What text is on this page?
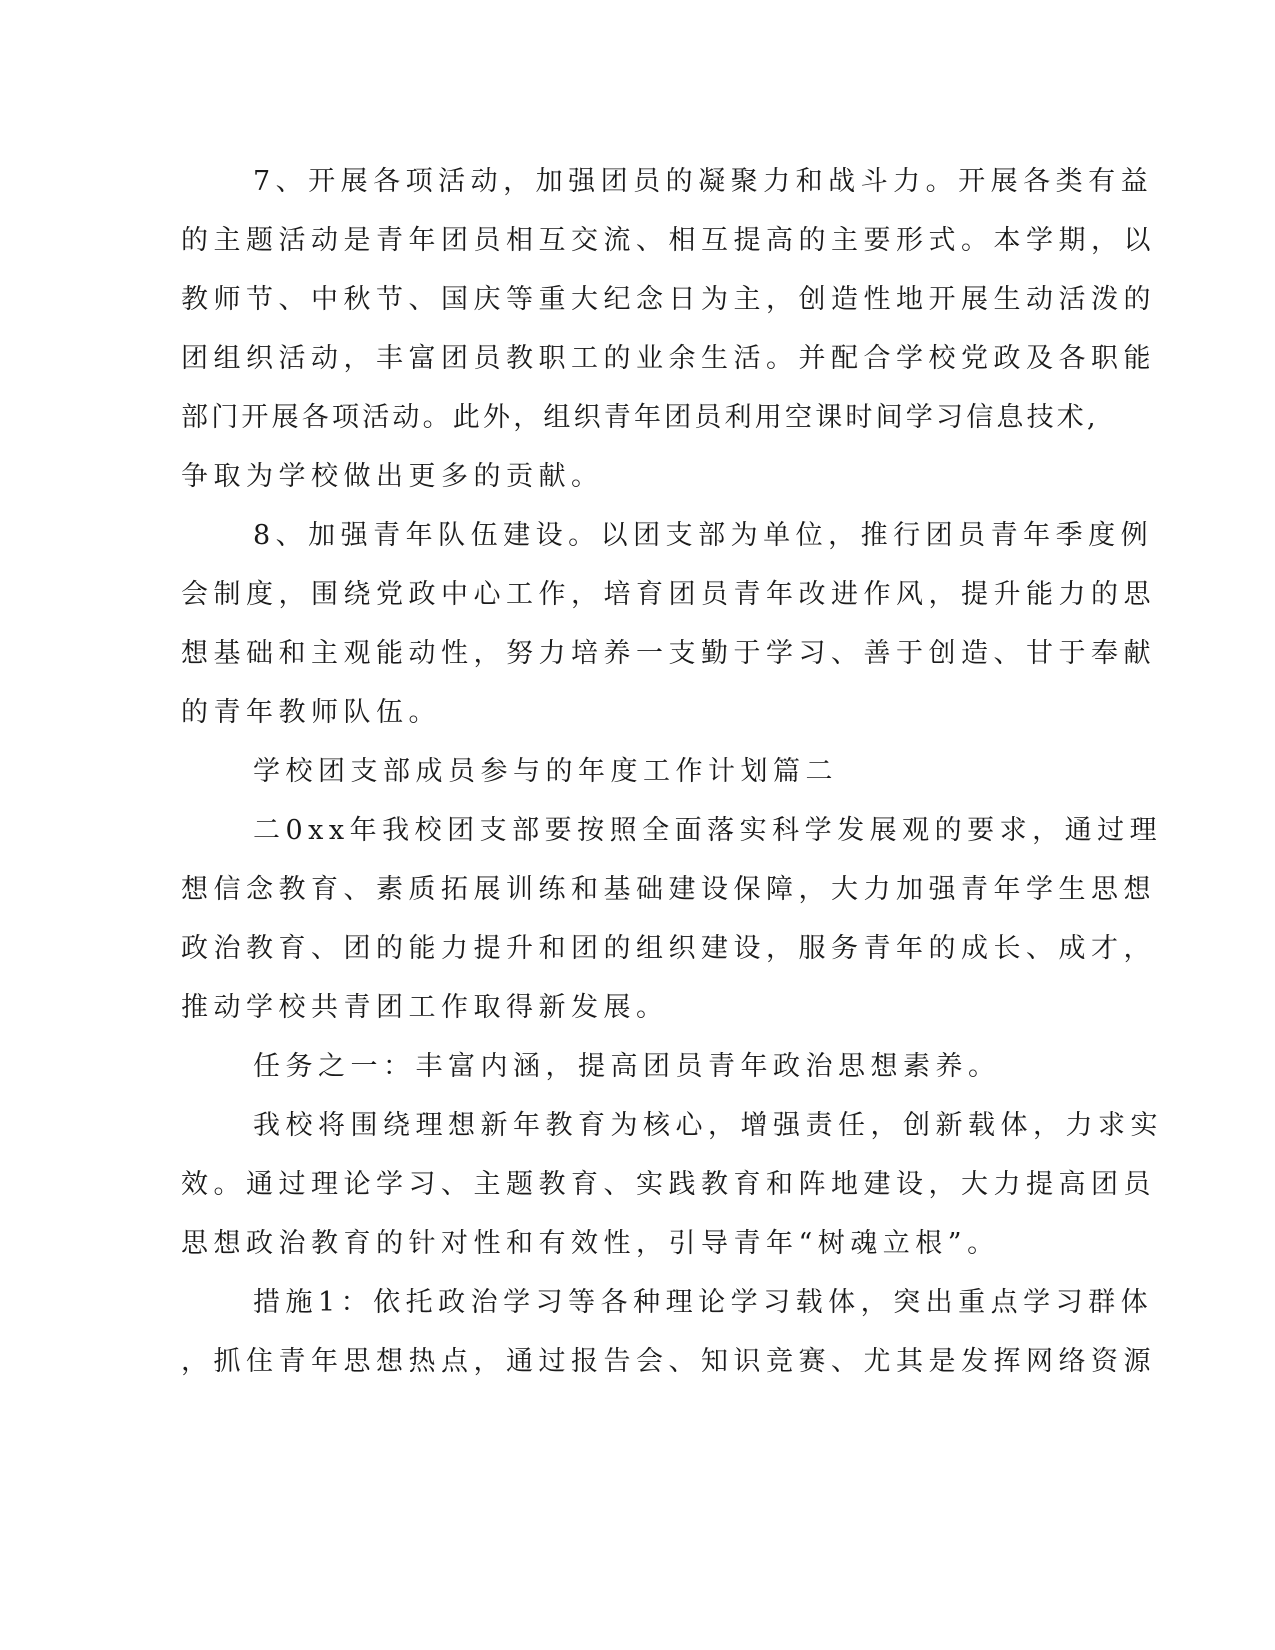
7、开展各项活动，加强团员的凝聚力和战斗力。开展各类有益
的主题活动是青年团员相互交流、相互提高的主要形式。本学期，以
教师节、中秋节、国庆等重大纪念日为主，创造性地开展生动活泼的
团组织活动，丰富团员教职工的业余生活。并配合学校党政及各职能
部门开展各项活动。此外，组织青年团员利用空课时间学习信息技术,
争取为学校做出更多的贡献。
8、加强青年队伍建设。以团支部为单位，推行团员青年季度例
会制度，围绕党政中心工作，培育团员青年改进作风，提升能力的思
想基础和主观能动性，努力培养一支勤于学习、善于创造、甘于奉献
的青年教师队伍。
学校团支部成员参与的年度工作计划篇二
二0xx年我校团支部要按照全面落实科学发展观的要求，通过理
想信念教育、素质拓展训练和基础建设保障，大力加强青年学生思想
政治教育、团的能力提升和团的组织建设，服务青年的成长、成才，
推动学校共青团工作取得新发展。
任务之一：丰富内涵，提高团员青年政治思想素养。
我校将围绕理想新年教育为核心，增强责任，创新载体，力求实
效。通过理论学习、主题教育、实践教育和阵地建设，大力提高团员
思想政治教育的针对性和有效性，引导青年“树魂立根”。
措施1：依托政治学习等各种理论学习载体，突出重点学习群体
，抓住青年思想热点，通过报告会、知识竞赛、尤其是发挥网络资源
